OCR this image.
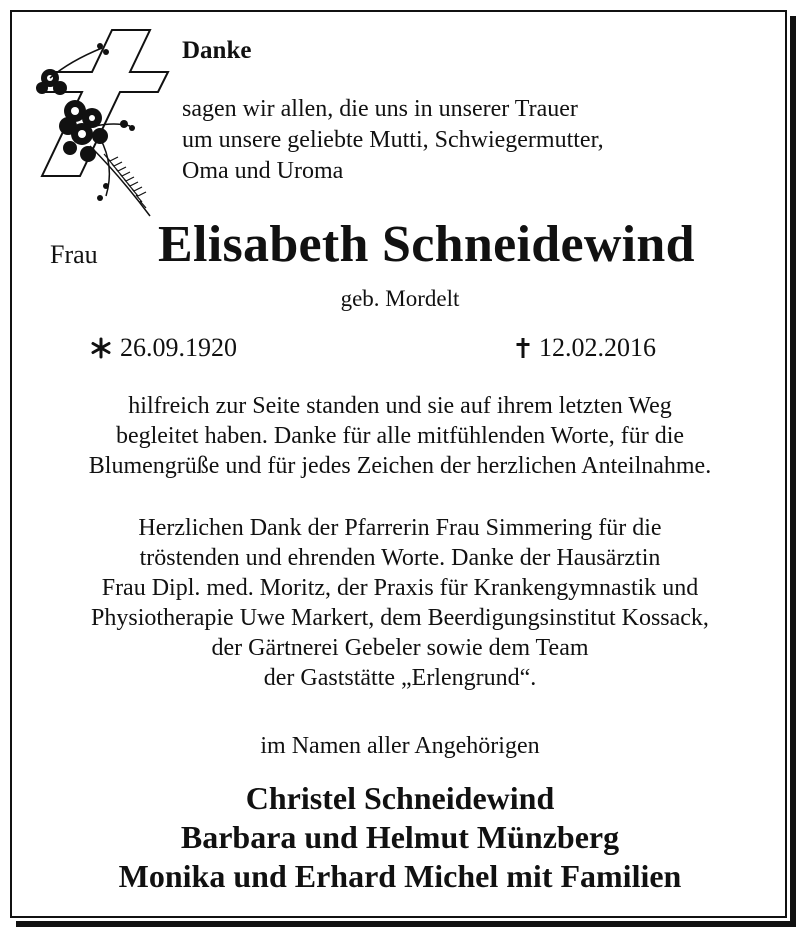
Danke
sagen wir allen, die uns in unserer Trauer
um unsere geliebte Mutti, Schwiegermutter,
Oma und Uroma
Frau Elisabeth Schneidewind
geb. Mordelt
26.09.1920	12.02.2016
hilfreich zur Seite standen und sie auf ihrem letzten Weg
begleitet haben. Danke für alle mitfühlenden Worte, für die
Blumengrüße und für jedes Zeichen der herzlichen Anteilnahme.
Herzlichen Dank der Pfarrerin Frau Simmering für die
tröstenden und ehrenden Worte. Danke der Hausärztin
Frau Dipl. med. Moritz, der Praxis für Krankengymnastik und
Physiotherapie Uwe Markert, dem Beerdigungsinstitut Kossack,
der Gärtnerei Gebeler sowie dem Team
der Gaststätte „Erlengrund“.
im Namen aller Angehörigen
Christel Schneidewind
Barbara und Helmut Münzberg
Monika und Erhard Michel mit Familien
